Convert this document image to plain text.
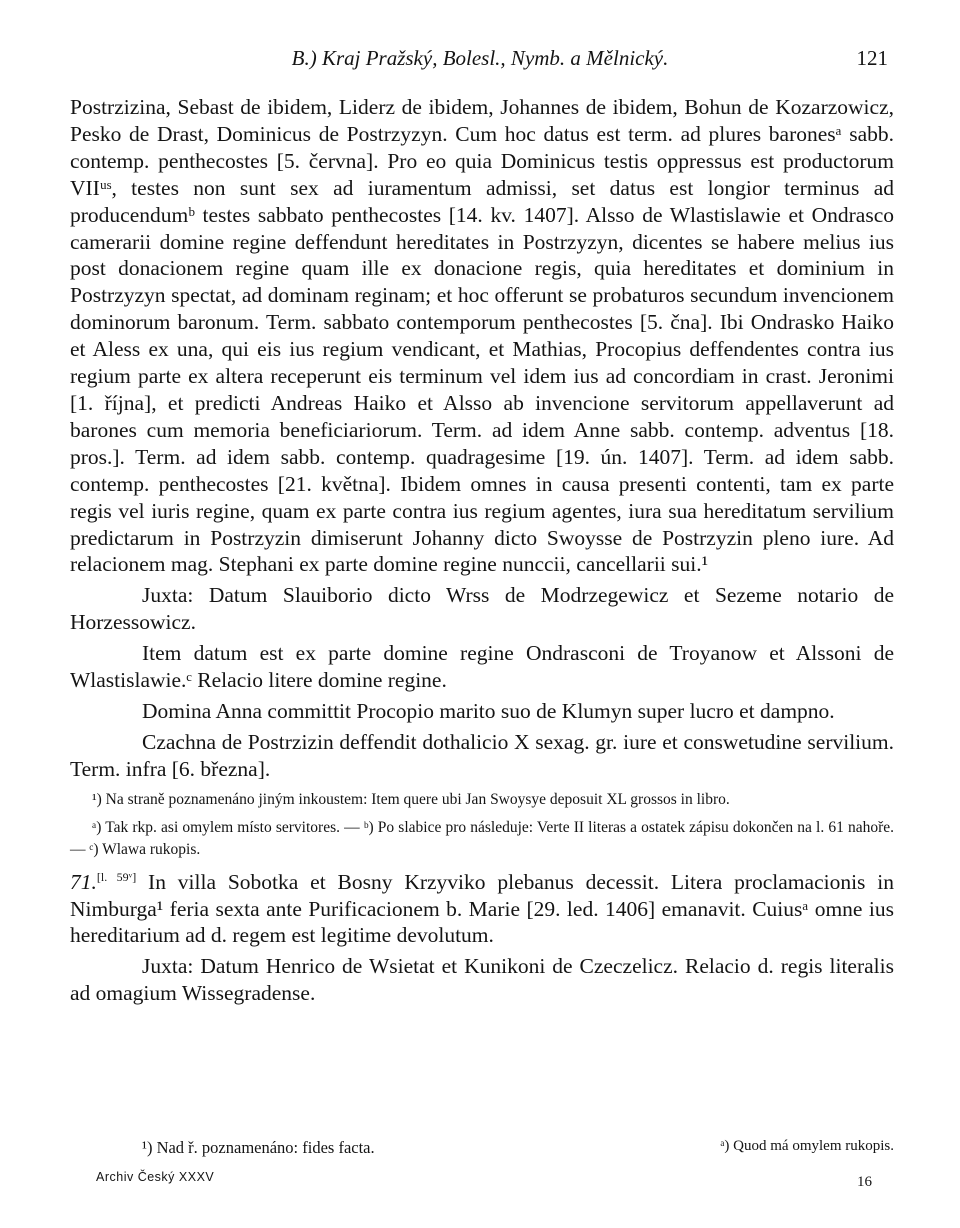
B.) Kraj Pražský, Bolesl., Nymb. a Mělnický.	121

Postrzizina, Sebast de ibidem, Liderz de ibidem, Johannes de ibidem, Bohun de Kozarzowicz, Pesko de Drast, Dominicus de Postrzyzyn. Cum hoc datus est term. ad plures baronesᵃ sabb. contemp. penthecostes [5. června]. Pro eo quia Dominicus testis oppressus est productorum VIIᵘˢ, testes non sunt sex ad iuramentum admissi, set datus est longior terminus ad producendumᵇ testes sabbato penthecostes [14. kv. 1407]. Alsso de Wlastislawie et Ondrasco camerarii domine regine deffendunt hereditates in Postrzyzyn, dicentes se habere melius ius post donacionem regine quam ille ex donacione regis, quia hereditates et dominium in Postrzyzyn spectat, ad dominam reginam; et hoc offerunt se probaturos secundum invencionem dominorum baronum. Term. sabbato contemporum penthecostes [5. čna]. Ibi Ondrasko Haiko et Aless ex una, qui eis ius regium vendicant, et Mathias, Procopius deffendentes contra ius regium parte ex altera receperunt eis terminum vel idem ius ad concordiam in crast. Jeronimi [1. října], et predicti Andreas Haiko et Alsso ab invencione servitorum appellaverunt ad barones cum memoria beneficiariorum. Term. ad idem Anne sabb. contemp. adventus [18. pros.]. Term. ad idem sabb. contemp. quadragesime [19. ún. 1407]. Term. ad idem sabb. contemp. penthecostes [21. května]. Ibidem omnes in causa presenti contenti, tam ex parte regis vel iuris regine, quam ex parte contra ius regium agentes, iura sua hereditatum servilium predictarum in Postrzyzin dimiserunt Johanny dicto Swoysse de Postrzyzin pleno iure. Ad relacionem mag. Stephani ex parte domine regine nunccii, cancellarii sui.¹

Juxta: Datum Slauiborio dicto Wrss de Modrzegewicz et Sezeme notario de Horzessowicz.

Item datum est ex parte domine regine Ondrasconi de Troyanow et Alssoni de Wlastislawie.ᶜ Relacio litere domine regine.

Domina Anna committit Procopio marito suo de Klumyn super lucro et dampno.

Czachna de Postrzizin deffendit dothalicio X sexag. gr. iure et conswetudine servilium. Term. infra [6. března].

¹) Na straně poznamenáno jiným inkoustem: Item quere ubi Jan Swoysye deposuit XL grossos in libro.

ᵃ) Tak rkp. asi omylem místo servitores. — ᵇ) Po slabice pro následuje: Verte II literas a ostatek zápisu dokončen na l. 61 nahoře. — ᶜ) Wlawa rukopis.

71.[l. 59ᵛ] In villa Sobotka et Bosny Krzyviko plebanus decessit. Litera proclamacionis in Nimburga¹ feria sexta ante Purificacionem b. Marie [29. led. 1406] emanavit. Cuiusᵃ omne ius hereditarium ad d. regem est legitime devolutum.

Juxta: Datum Henrico de Wsietat et Kunikoni de Czeczelicz. Relacio d. regis literalis ad omagium Wissegradense.

¹) Nad ř. poznamenáno: fides facta.	ᵃ) Quod má omylem rukopis.
Archiv Český XXXV	16
